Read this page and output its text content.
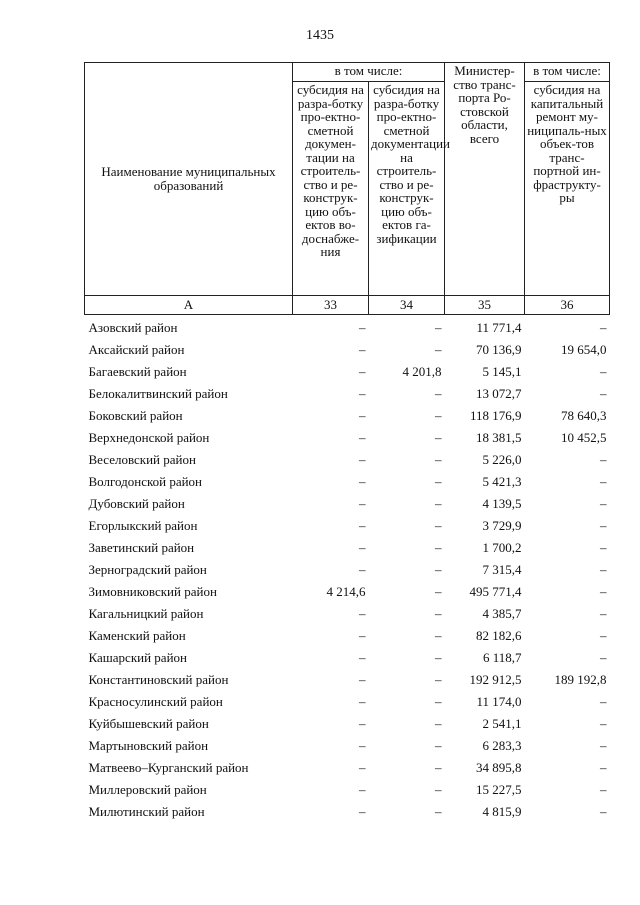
1435
Наименование муниципальных образований	в том числе:		Министер-ство транс-порта Ро-стовской области, всего	в том числе:
	субсидия на разра-ботку про-ектно-сметной докумен-тации на строитель-ство и ре-конструк-цию объ-ектов во-доснабже-ния	субсидия на разра-ботку про-ектно-сметной документации на строитель-ство и ре-конструк-цию объ-ектов га-зификации		субсидия на капитальный ремонт му-ниципаль-ных объек-тов транс-портной ин-фраструкту-ры
А	33	34	35	36
Азовский район	–	–	11 771,4	–
Аксайский район	–	–	70 136,9	19 654,0
Багаевский район	–	4 201,8	5 145,1	–
Белокалитвинский район	–	–	13 072,7	–
Боковский район	–	–	118 176,9	78 640,3
Верхнедонской район	–	–	18 381,5	10 452,5
Веселовский район	–	–	5 226,0	–
Волгодонской район	–	–	5 421,3	–
Дубовский район	–	–	4 139,5	–
Егорлыкский район	–	–	3 729,9	–
Заветинский район	–	–	1 700,2	–
Зерноградский район	–	–	7 315,4	–
Зимовниковский район	4 214,6	–	495 771,4	–
Кагальницкий район	–	–	4 385,7	–
Каменский район	–	–	82 182,6	–
Кашарский район	–	–	6 118,7	–
Константиновский район	–	–	192 912,5	189 192,8
Красносулинский район	–	–	11 174,0	–
Куйбышевский район	–	–	2 541,1	–
Мартыновский район	–	–	6 283,3	–
Матвеево–Курганский район	–	–	34 895,8	–
Миллеровский район	–	–	15 227,5	–
Милютинский район	–	–	4 815,9	–
